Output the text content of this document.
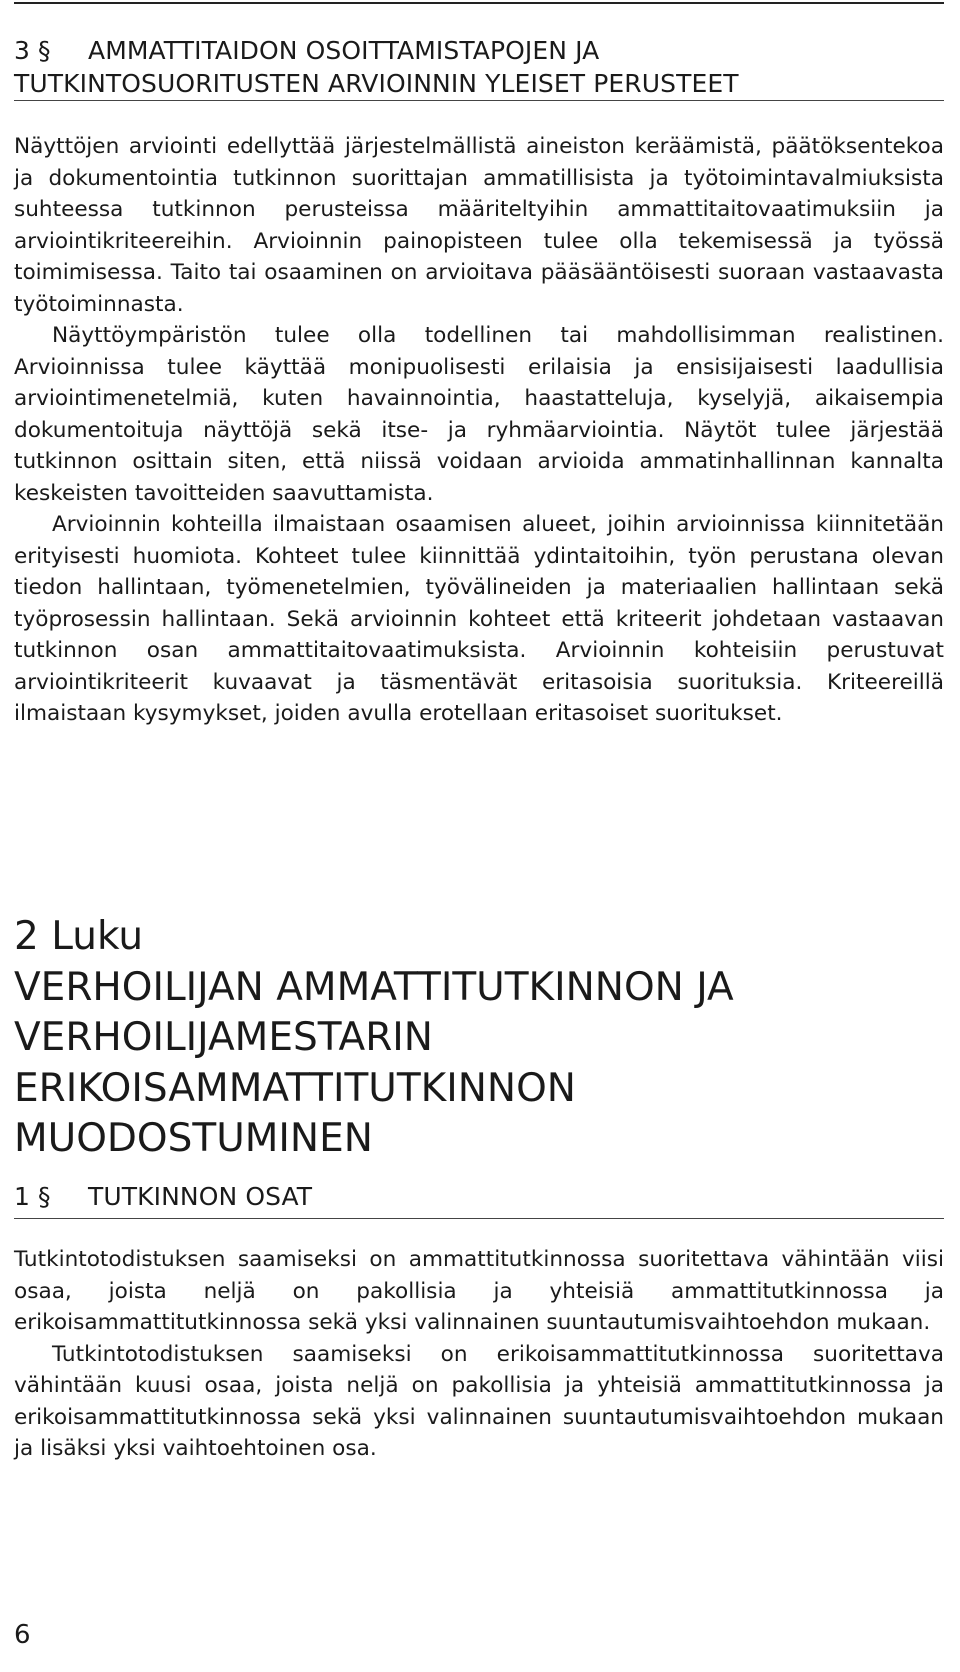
3 § AMMATTITAIDON OSOITTAMISTAPOJEN JA
TUTKINTOSUORITUSTEN ARVIOINNIN YLEISET PERUSTEET

Näyttöjen arviointi edellyttää järjestelmällistä aineiston keräämistä, päätöksentekoa ja dokumentointia tutkinnon suorittajan ammatillisista ja työtoimintavalmiuksista suhteessa tutkinnon perusteissa määriteltyihin ammattitaitovaatimuksiin ja arviointikriteereihin. Arvioinnin painopisteen tulee olla tekemisessä ja työssä toimimisessa. Taito tai osaaminen on arvioitava pääsääntöisesti suoraan vastaavasta työtoiminnasta.

Näyttöympäristön tulee olla todellinen tai mahdollisimman realistinen. Arvioinnissa tulee käyttää monipuolisesti erilaisia ja ensisijaisesti laadullisia arviointimenetelmiä, kuten havainnointia, haastatteluja, kyselyjä, aikaisempia dokumentoituja näyttöjä sekä itse- ja ryhmäarviointia. Näytöt tulee järjestää tutkinnon osittain siten, että niissä voidaan arvioida ammatinhallinnan kannalta keskeisten tavoitteiden saavuttamista.

Arvioinnin kohteilla ilmaistaan osaamisen alueet, joihin arvioinnissa kiinnitetään erityisesti huomiota. Kohteet tulee kiinnittää ydintaitoihin, työn perustana olevan tiedon hallintaan, työmenetelmien, työvälineiden ja materiaalien hallintaan sekä työprosessin hallintaan. Sekä arvioinnin kohteet että kriteerit johdetaan vastaavan tutkinnon osan ammattitaitovaatimuksista. Arvioinnin kohteisiin perustuvat arviointikriteerit kuvaavat ja täsmentävät eritasoisia suorituksia. Kriteereillä ilmaistaan kysymykset, joiden avulla erotellaan eritasoiset suoritukset.

2 Luku
VERHOILIJAN AMMATTITUTKINNON JA
VERHOILIJAMESTARIN
ERIKOISAMMATTITUTKINNON
MUODOSTUMINEN
1 § TUTKINNON OSAT

Tutkintotodistuksen saamiseksi on ammattitutkinnossa suoritettava vähintään viisi osaa, joista neljä on pakollisia ja yhteisiä ammattitutkinnossa ja erikoisammattitutkinnossa sekä yksi valinnainen suuntautumisvaihtoehdon mukaan.

Tutkintotodistuksen saamiseksi on erikoisammattitutkinnossa suoritettava vähintään kuusi osaa, joista neljä on pakollisia ja yhteisiä ammattitutkinnossa ja erikoisammattitutkinnossa sekä yksi valinnainen suuntautumisvaihtoehdon mukaan ja lisäksi yksi vaihtoehtoinen osa.

6
